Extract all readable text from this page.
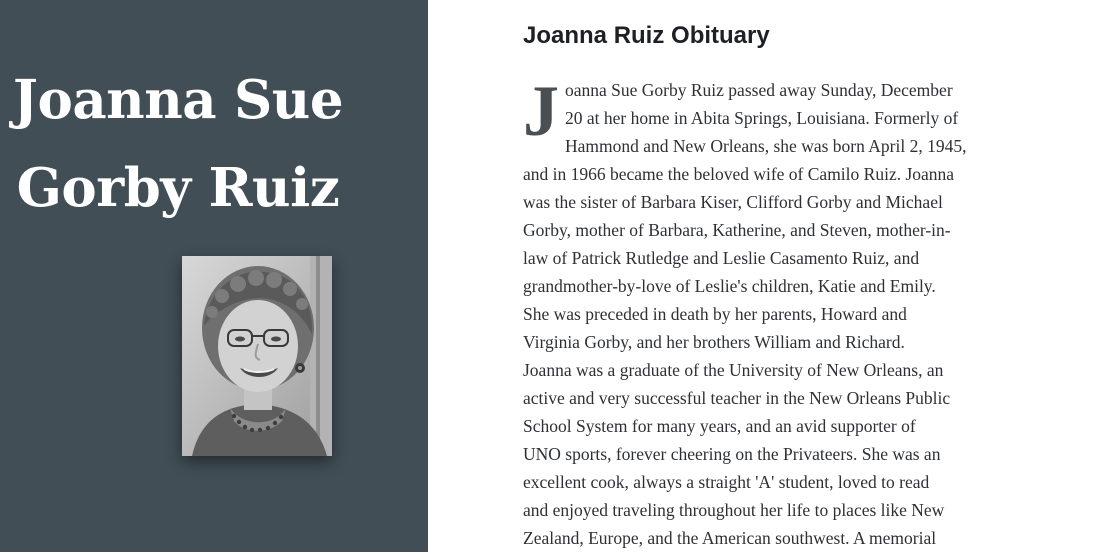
Joanna Sue
Gorby Ruiz
Joanna Ruiz Obituary
J oanna Sue Gorby Ruiz passed away Sunday, December
20 at her home in Abita Springs, Louisiana. Formerly of
Hammond and New Orleans, she was born April 2, 1945,
and in 1966 became the beloved wife of Camilo Ruiz. Joanna
was the sister of Barbara Kiser, Clifford Gorby and Michael
Gorby, mother of Barbara, Katherine, and Steven, mother-in-
law of Patrick Rutledge and Leslie Casamento Ruiz, and
grandmother-by-love of Leslie's children, Katie and Emily.
She was preceded in death by her parents, Howard and
Virginia Gorby, and her brothers William and Richard.
Joanna was a graduate of the University of New Orleans, an
active and very successful teacher in the New Orleans Public
School System for many years, and an avid supporter of
UNO sports, forever cheering on the Privateers. She was an
excellent cook, always a straight 'A' student, loved to read
and enjoyed traveling throughout her life to places like New
Zealand, Europe, and the American southwest. A memorial
